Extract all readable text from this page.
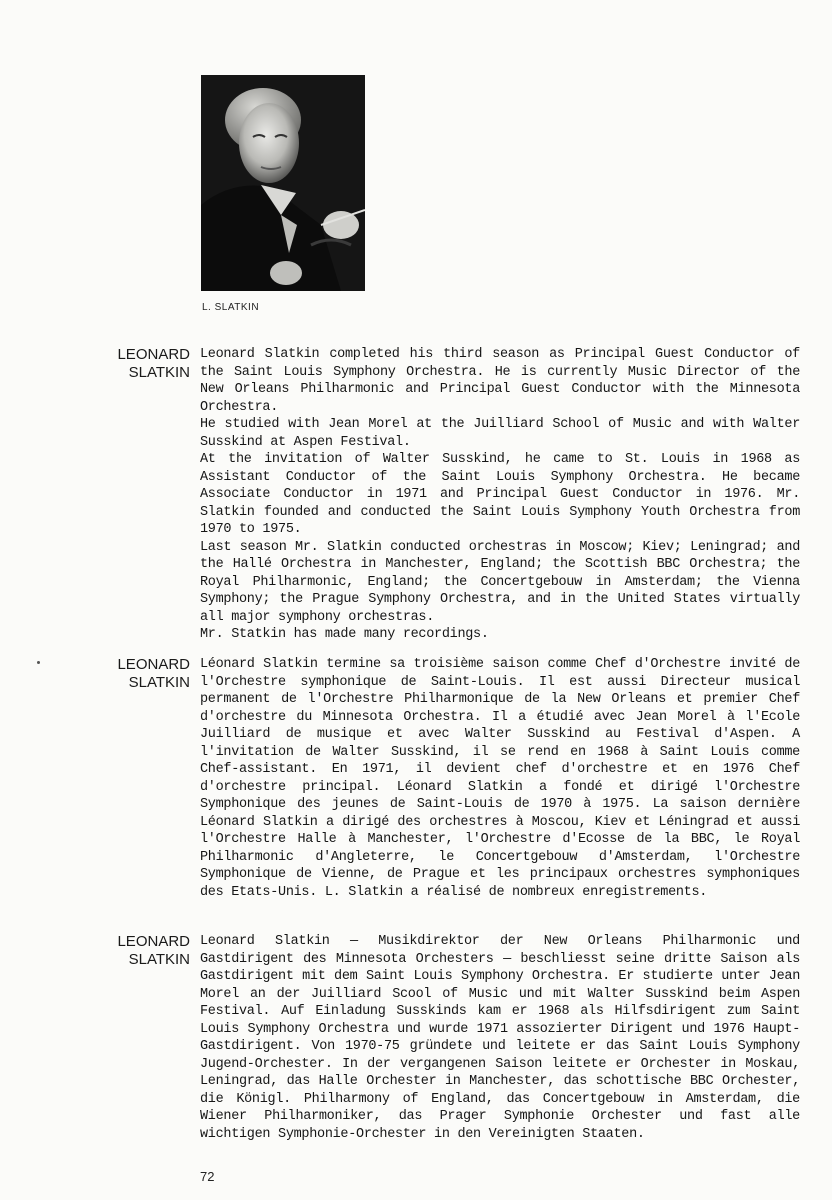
L. SLATKIN
LEONARD
SLATKIN

Leonard Slatkin completed his third season as Principal Guest Conductor of the Saint Louis Symphony Orchestra. He is currently Music Director of the New Orleans Philharmonic and Principal Guest Conductor with the Minnesota Orchestra.

He studied with Jean Morel at the Juilliard School of Music and with Walter Susskind at Aspen Festival.

At the invitation of Walter Susskind, he came to St. Louis in 1968 as Assistant Conductor of the Saint Louis Symphony Orchestra. He became Associate Conductor in 1971 and Principal Guest Conductor in 1976. Mr. Slatkin founded and conducted the Saint Louis Symphony Youth Orchestra from 1970 to 1975.

Last season Mr. Slatkin conducted orchestras in Moscow; Kiev; Leningrad; and the Hallé Orchestra in Manchester, England; the Scottish BBC Orchestra; the Royal Philharmonic, England; the Concertgebouw in Amsterdam; the Vienna Symphony; the Prague Symphony Orchestra, and in the United States virtually all major symphony orchestras.

Mr. Statkin has made many recordings.

LEONARD
SLATKIN

Léonard Slatkin termine sa troisième saison comme Chef d'Orchestre invité de l'Orchestre symphonique de Saint-Louis. Il est aussi Directeur musical permanent de l'Orchestre Philharmonique de la New Orleans et premier Chef d'orchestre du Minnesota Orchestra. Il a étudié avec Jean Morel à l'Ecole Juilliard de musique et avec Walter Susskind au Festival d'Aspen. A l'invitation de Walter Susskind, il se rend en 1968 à Saint Louis comme Chef-assistant. En 1971, il devient chef d'orchestre et en 1976 Chef d'orchestre principal. Léonard Slatkin a fondé et dirigé l'Orchestre Symphonique des jeunes de Saint-Louis de 1970 à 1975. La saison dernière Léonard Slatkin a dirigé des orchestres à Moscou, Kiev et Léningrad et aussi l'Orchestre Halle à Manchester, l'Orchestre d'Ecosse de la BBC, le Royal Philharmonic d'Angleterre, le Concertgebouw d'Amsterdam, l'Orchestre Symphonique de Vienne, de Prague et les principaux orchestres symphoniques des Etats-Unis. L. Slatkin a réalisé de nombreux enregistrements.

LEONARD
SLATKIN

Leonard Slatkin — Musikdirektor der New Orleans Philharmonic und Gastdirigent des Minnesota Orchesters — beschliesst seine dritte Saison als Gastdirigent mit dem Saint Louis Symphony Orchestra. Er studierte unter Jean Morel an der Juilliard Scool of Music und mit Walter Susskind beim Aspen Festival. Auf Einladung Susskinds kam er 1968 als Hilfsdirigent zum Saint Louis Symphony Orchestra und wurde 1971 assozierter Dirigent und 1976 Haupt-Gastdirigent. Von 1970-75 gründete und leitete er das Saint Louis Symphony Jugend-Orchester. In der vergangenen Saison leitete er Orchester in Moskau, Leningrad, das Halle Orchester in Manchester, das schottische BBC Orchester, die Königl. Philharmony of England, das Concertgebouw in Amsterdam, die Wiener Philharmoniker, das Prager Symphonie Orchester und fast alle wichtigen Symphonie-Orchester in den Vereinigten Staaten.

72
